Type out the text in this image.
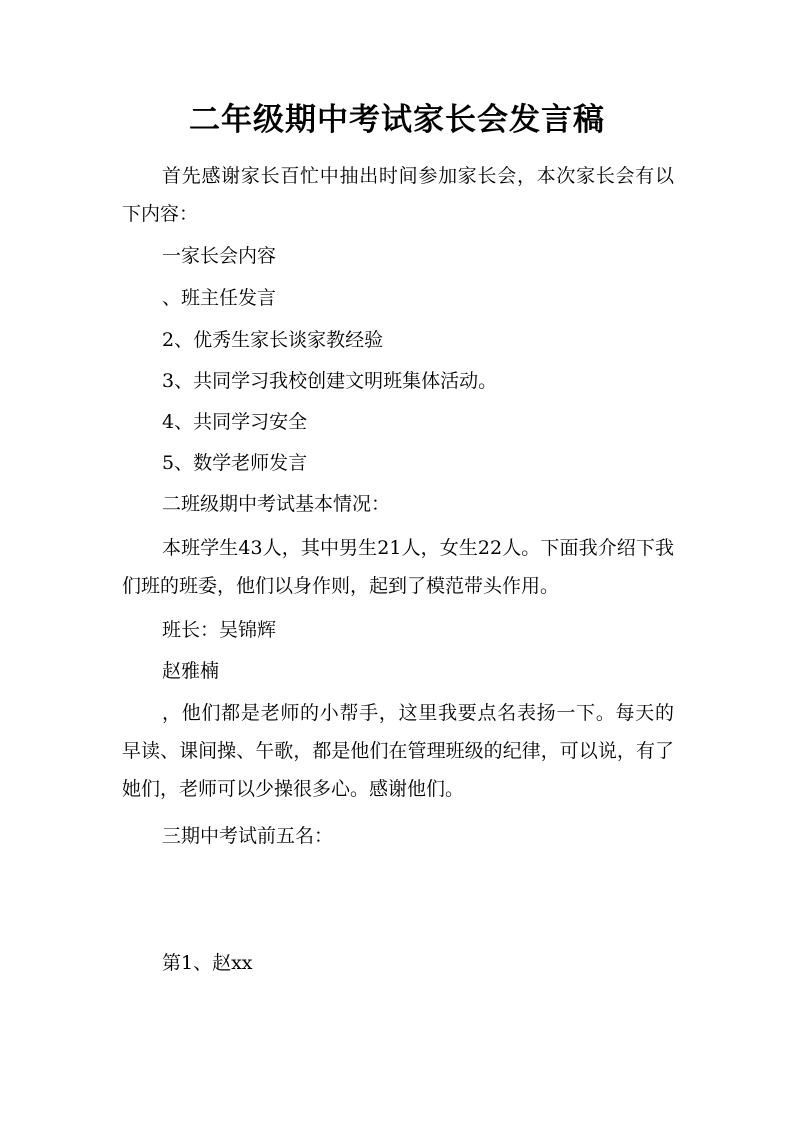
二年级期中考试家长会发言稿

首先感谢家长百忙中抽出时间参加家长会，本次家长会有以下内容：

一家长会内容

、班主任发言

2、优秀生家长谈家教经验

3、共同学习我校创建文明班集体活动。

4、共同学习安全

5、数学老师发言

二班级期中考试基本情况：

本班学生43人，其中男生21人，女生22人。下面我介绍下我们班的班委，他们以身作则，起到了模范带头作用。

班长：吴锦辉

赵雅楠

，他们都是老师的小帮手，这里我要点名表扬一下。每天的早读、课间操、午歌，都是他们在管理班级的纪律，可以说，有了她们，老师可以少操很多心。感谢他们。

三期中考试前五名：

第1、赵xx
